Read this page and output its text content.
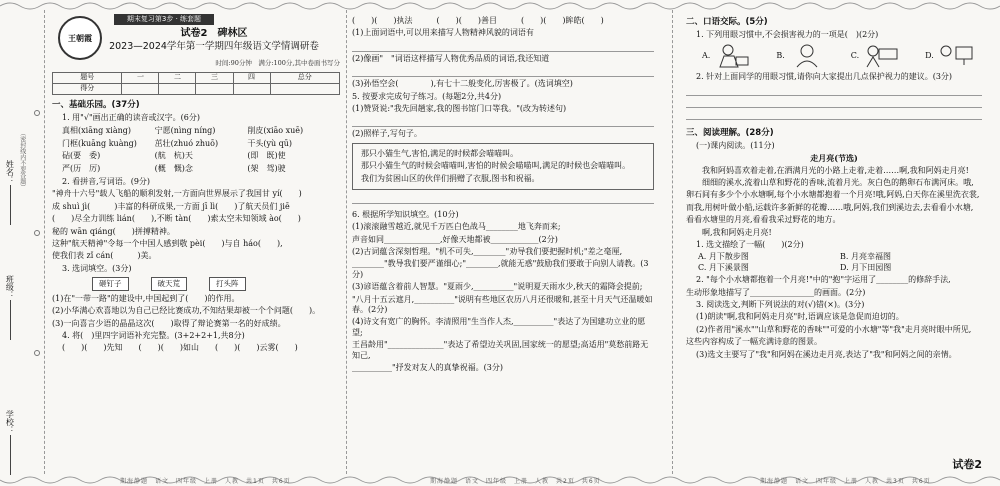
姓名：
班级：
学校：
（密封线内不要答题）
王朝霞
期末复习第3步 · 练套题
试卷2　碑林区
2023—2024学年第一学期四年级语文学情调研卷
时间:90分钟　满分:100分,其中卷面书写分
题号	一	二	三	四	总分
得分					
一、基础乐园。(37分)
1. 用"√"画出正确的读音或汉字。(6分)
真相(xiāng xiàng)	宁愿(nìng níng)	削皮(xiāo xuē)
门框(kuāng kuàng)	茁壮(zhuó zhuō)	干头(yù qū)
砧(要　委)	(航　杭)天	(即　既)使
严(历　厉)	(概　慨)念	(架　驾)驶
2. 看拼音,写词语。(9分)
"神舟十六号"载人飞船的顺利发射,一方面向世界展示了我国甘 yí(　　)
成 shuì jì(　　　)丰富的科研成果,一方面 jī lì(　　)了航天员们 jiē
(　　)尽全力训练 lián(　　),不断 tàn(　　)索太空未知领域 ào(　　)
秘的 wān qiáng(　　)拼搏精神。
这种"航天精神"令每一个中国人感到敬 pèi(　　)与自 háo(　　),
使我们表 zǐ cán(　　　)美。
3. 选词填空。(3分)
砸钉子	破天荒	打头阵
(1)在"一带一路"的建设中,中国起到了(　　)的作用。
(2)小华满心欢喜地以为自己已经比赛成功,不知结果却被一个个问题(　　)。
(3)一向喜言少语的晶晶这次(　　)取得了辩论赛第一名的好成绩。
4. 将(　)里四字词语补充完整。(3+2+2+1,共8分)
(　　)(　　)先知　　(　　)(　　)如山　　(　　)(　　)云雾(　　)
期海静题　语文　四年级　上册　人教　共1页　共6页
(　　)(　　)执法　　　(　　)(　　)善目　　　(　　)(　　)眸皓(　　)
(1)上面词语中,可以用来描写人物精神风貌的词语有
(2)像画"　"词语这样描写人物优秀品质的词语,我还知道
(3)孙悟空会(　　　　),有七十二般变化,厉害极了。(选词填空)
5. 按要求完成句子练习。(每题2分,共4分)
(1)赞贤说:"我先回趟家,我的图书馆门口等我。"(改为转述句)
(2)照样子,写句子。
那只小猫生气,害怕,满足的时候都会喵喵叫。
那只小猫生气的时候会喵喵叫,害怕的时候会喵喵叫,满足的时候也会喵喵叫。
我们为贫困山区的伙伴们捐赠了衣服,图书和祝福。
6. 根据所学知识填空。(10分)
(1)滚滚融雪越近,就见千万匹白色战马________地飞奔而来;
声音如同______________,好像天地都被____________(2分)
(2)古词蕴含深刻哲理。"机不可失,________"劝导我们要把握时机;"差之毫厘,
________"教导我们要严谨细心;"________,就能无惑"鼓励我们要敢于向别人请教。(3分)
(3)谚语蕴含着前人智慧。"夏雨少,__________"说明夏天雨水少,秋天的霜降会提前;
"八月十五云遮月,__________"说明有些地区农历八月还很暖和,甚至十月天气还温暖如春。(2分)
(4)诗文有宽广的胸怀。李清照用"生当作人杰,__________"表达了为国建功立业的愿望;
王昌龄用"______________"表达了希望边关巩固,国家统一的愿望;高适用"莫愁前路无知己,
__________"抒发对友人的真挚祝福。(3分)
期海静题　语文　四年级　上册　人教　共2页　共6页
二、口语交际。(5分)
1. 下列用眼习惯中,不会损害视力的一项是(　)(2分)
A.	B.	C.	D.
2. 针对上面同学的用眼习惯,请你向大家提出几点保护视力的建议。(3分)
三、阅读理解。(28分)
(一)课内阅读。(11分)
走月亮(节选)
我和阿妈喜欢着走着,在洒满月光的小路上走着,走着……啊,我和阿妈走月亮!
细细的溪水,流着山草和野花的香味,流着月光。灰白色的鹅卵石布满河床。哦,
卵石间有多少个小水塘啊,每个小水塘都抱着一个月亮!哦,阿妈,白天你在溪里洗衣裳,
而我,用树叶做小船,运载许多新鲜的花瓣……哦,阿妈,我们到溪边去,去看看小水塘,
看看水塘里的月亮,看看我采过野花的地方。
啊,我和阿妈走月亮!
1. 选文描绘了一幅(　　)(2分)
A. 月下散步图	B. 月亮幸福图
C. 月下溪景图	D. 月下田园图
2. "每个小水塘都抱着一个月亮!"中的"抱"字运用了________的修辞手法,
生动形象地描写了________________的画面。(2分)
3. 阅读选文,判断下列说法的对(√)错(×)。(3分)
(1)朗读"啊,我和阿妈走月亮"时,语调应该是急促而迫切的。
(2)作者用"溪水""山草和野花的香味""可爱的小水塘"等"我"走月亮时眼中所见,
这些内容构成了一幅充满诗意的图景。
(3)选文主要写了"我"和阿妈在溪边走月亮,表达了"我"和阿妈之间的亲情。
期海静题　语文　四年级　上册　人教　共3页　共6页
试卷2
